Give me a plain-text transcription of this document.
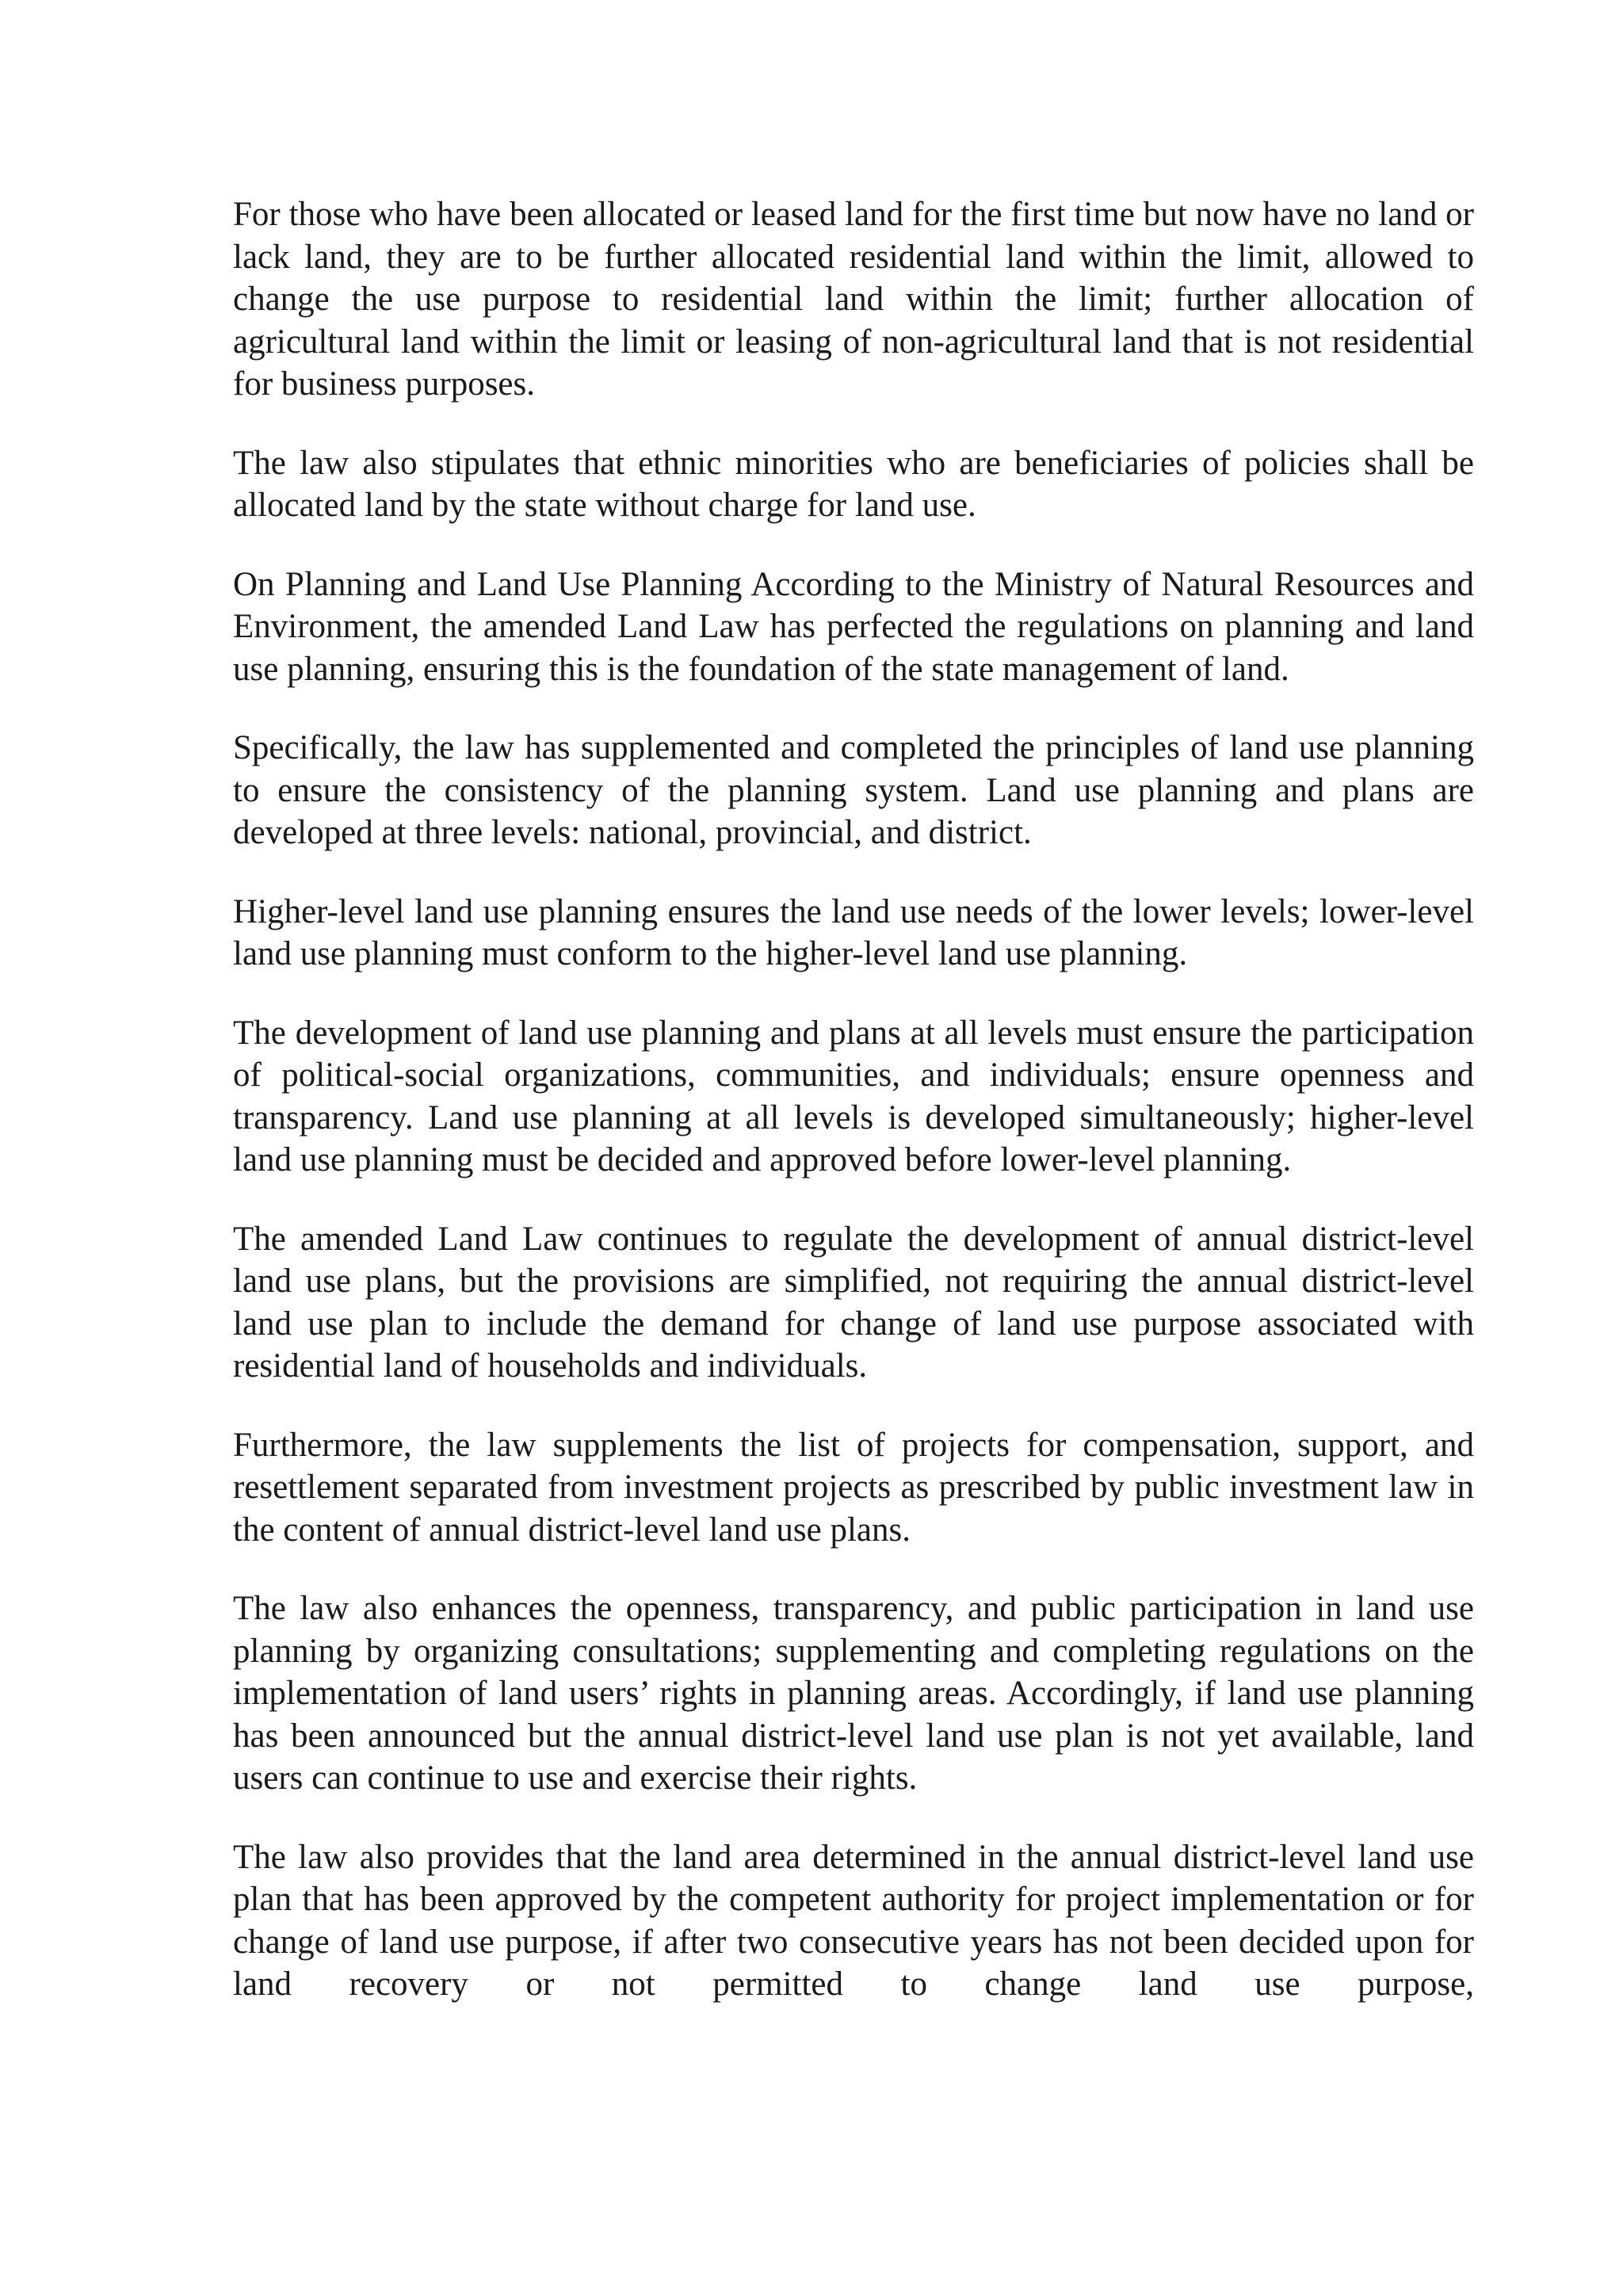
For those who have been allocated or leased land for the first time but now have no land or lack land, they are to be further allocated residential land within the limit, allowed to change the use purpose to residential land within the limit; further allocation of agricultural land within the limit or leasing of non-agricultural land that is not residential for business purposes.

The law also stipulates that ethnic minorities who are beneficiaries of policies shall be allocated land by the state without charge for land use.

On Planning and Land Use Planning According to the Ministry of Natural Resources and Environment, the amended Land Law has perfected the regulations on planning and land use planning, ensuring this is the foundation of the state management of land.

Specifically, the law has supplemented and completed the principles of land use planning to ensure the consistency of the planning system. Land use planning and plans are developed at three levels: national, provincial, and district.

Higher-level land use planning ensures the land use needs of the lower levels; lower-level land use planning must conform to the higher-level land use planning.

The development of land use planning and plans at all levels must ensure the participation of political-social organizations, communities, and individuals; ensure openness and transparency. Land use planning at all levels is developed simultaneously; higher-level land use planning must be decided and approved before lower-level planning.

The amended Land Law continues to regulate the development of annual district-level land use plans, but the provisions are simplified, not requiring the annual district-level land use plan to include the demand for change of land use purpose associated with residential land of households and individuals.

Furthermore, the law supplements the list of projects for compensation, support, and resettlement separated from investment projects as prescribed by public investment law in the content of annual district-level land use plans.

The law also enhances the openness, transparency, and public participation in land use planning by organizing consultations; supplementing and completing regulations on the implementation of land users’ rights in planning areas. Accordingly, if land use planning has been announced but the annual district-level land use plan is not yet available, land users can continue to use and exercise their rights.

The law also provides that the land area determined in the annual district-level land use plan that has been approved by the competent authority for project implementation or for change of land use purpose, if after two consecutive years has not been decided upon for land recovery or not permitted to change land use purpose,
